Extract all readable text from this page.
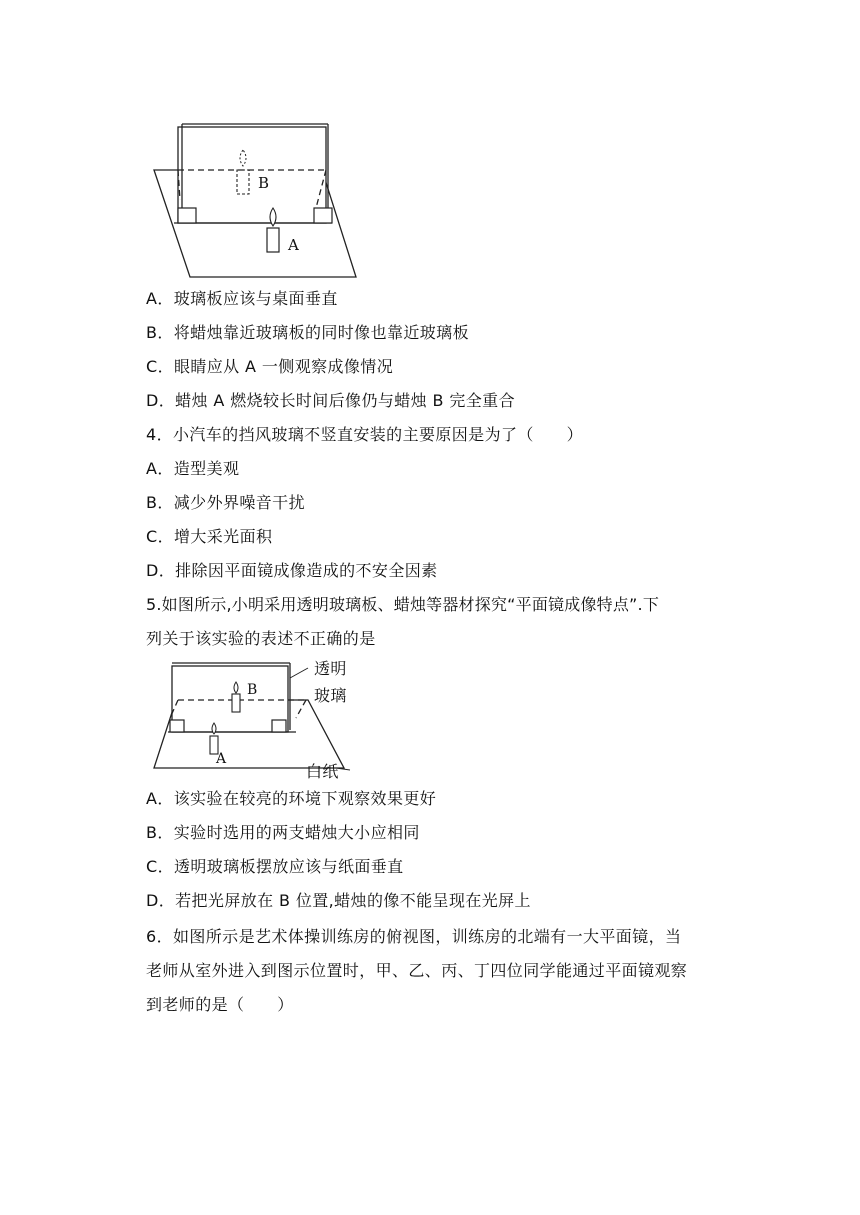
B
A
A．玻璃板应该与桌面垂直
B．将蜡烛靠近玻璃板的同时像也靠近玻璃板
C．眼睛应从 A 一侧观察成像情况
D．蜡烛 A 燃烧较长时间后像仍与蜡烛 B 完全重合
4．小汽车的挡风玻璃不竖直安装的主要原因是为了（　　）
A．造型美观
B．减少外界噪音干扰
C．增大采光面积
D．排除因平面镜成像造成的不安全因素
5.如图所示,小明采用透明玻璃板、蜡烛等器材探究“平面镜成像特点”.下
列关于该实验的表述不正确的是
B
A
透明
玻璃
白纸
A．该实验在较亮的环境下观察效果更好
B．实验时选用的两支蜡烛大小应相同
C．透明玻璃板摆放应该与纸面垂直
D．若把光屏放在 B 位置,蜡烛的像不能呈现在光屏上
6．如图所示是艺术体操训练房的俯视图，训练房的北端有一大平面镜，当
老师从室外进入到图示位置时，甲、乙、丙、丁四位同学能通过平面镜观察
到老师的是（　　）
